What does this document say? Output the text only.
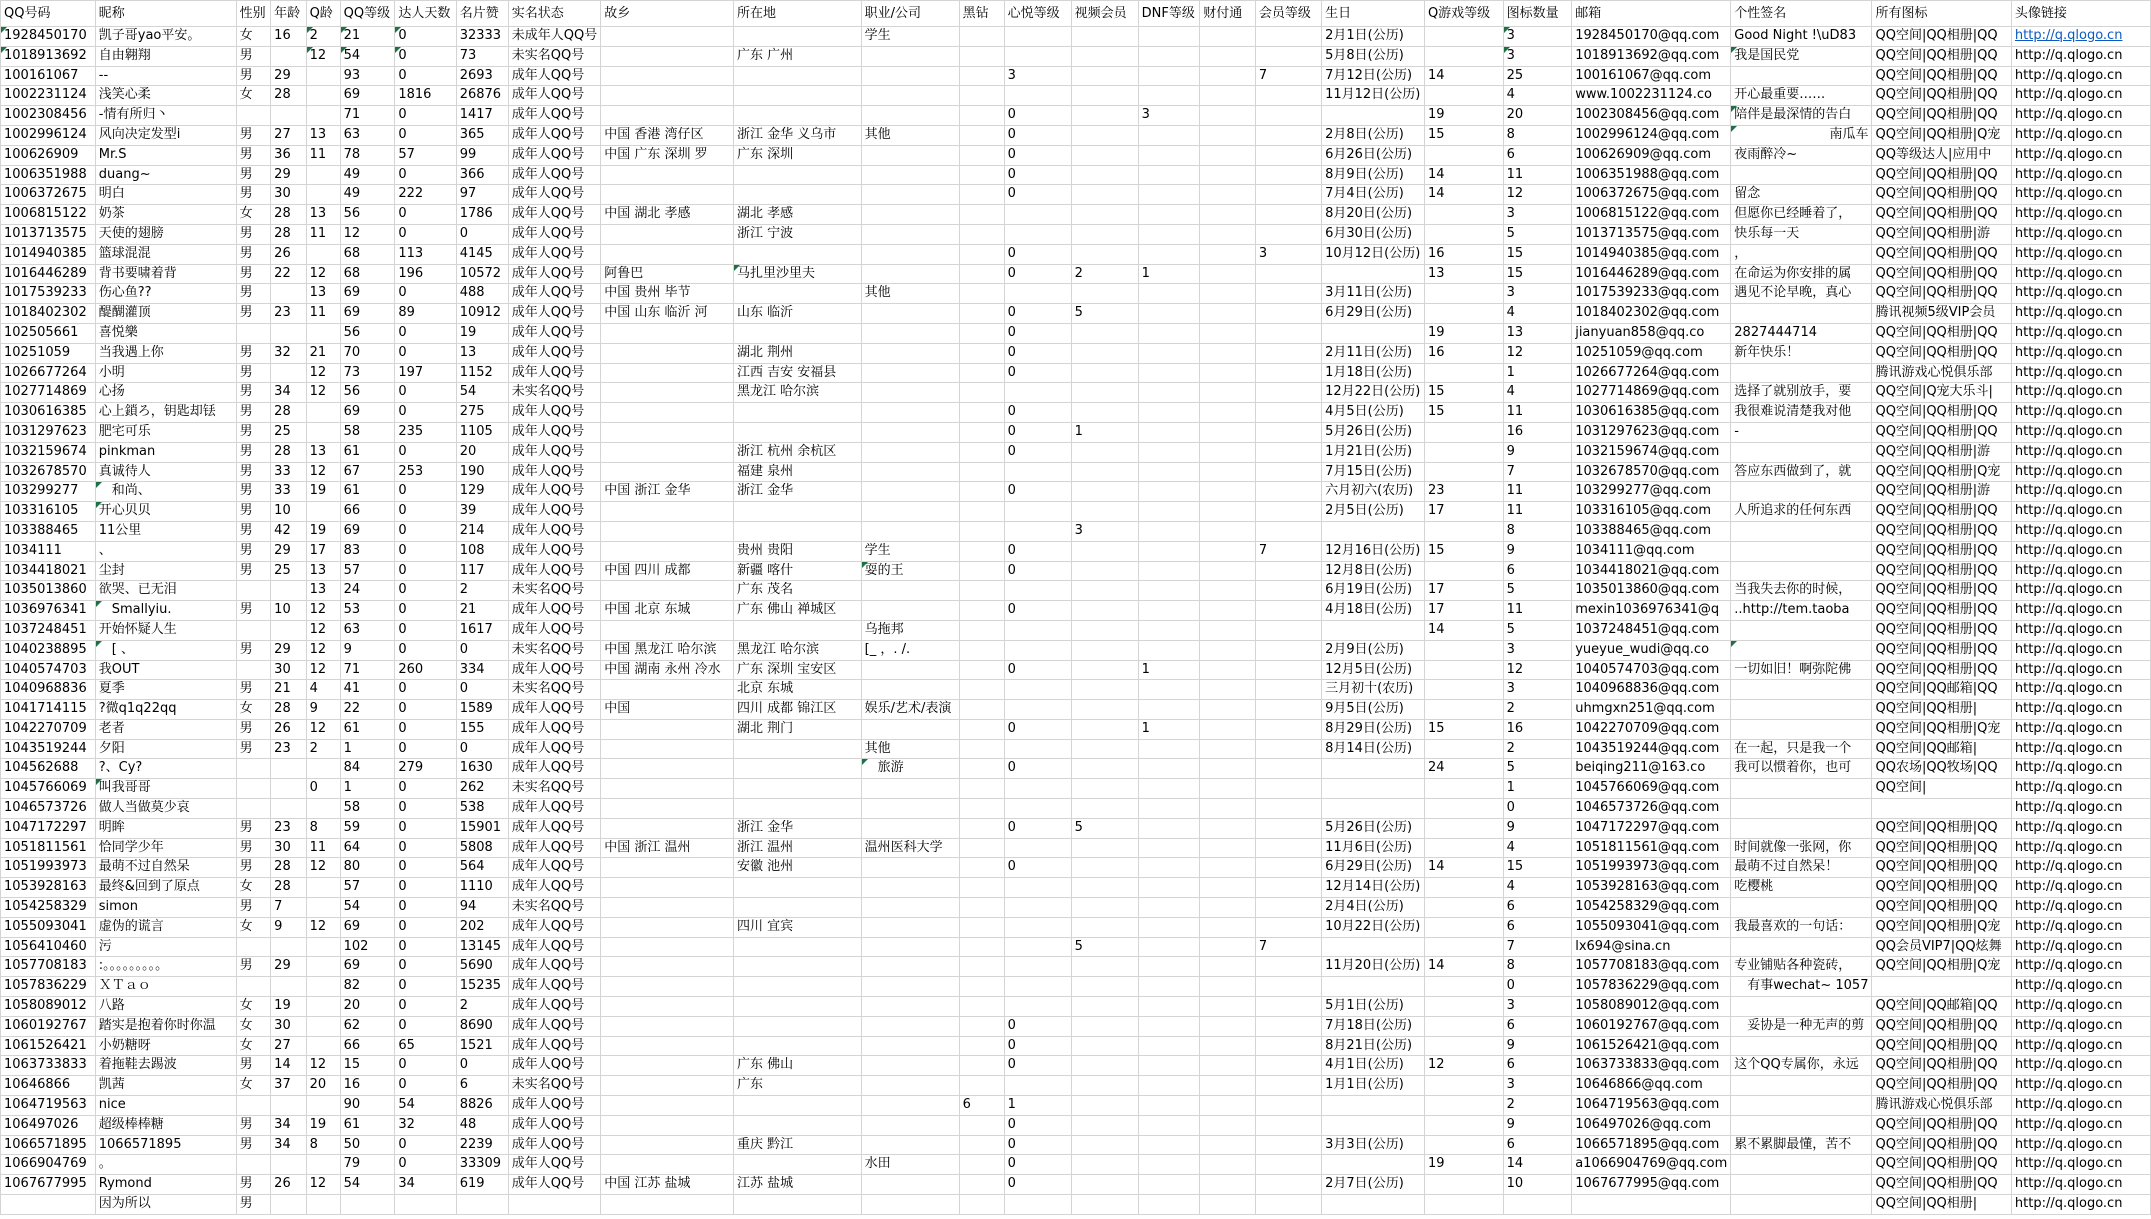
QQ号码	昵称	性别	年龄	Q龄	QQ等级	达人天数	名片赞	实名状态	故乡	所在地	职业/公司	黑钻	心悦等级	视频会员	DNF等级	财付通	会员等级	生日	Q游戏等级	图标数量	邮箱	个性签名	所有图标	头像链接
1928450170	凯子哥yao平安。	女	16	2	21	0	32333	未成年人QQ号			学生							2月1日(公历)		3	1928450170@qq.com	Good Night !\uD83	QQ空间|QQ相册|QQ	http://q.qlogo.cn
1018913692	自由翱翔	男		12	54	0	73	未实名QQ号		广东 广州								5月8日(公历)		3	1018913692@qq.com	我是国民党	QQ空间|QQ相册|QQ	http://q.qlogo.cn
100161067	--	男	29		93	0	2693	成年人QQ号					3				7	7月12日(公历)	14	25	100161067@qq.com		QQ空间|QQ相册|QQ	http://q.qlogo.cn
1002231124	浅笑心柔	女	28		69	1816	26876	成年人QQ号										11月12日(公历)		4	www.1002231124.co	开心最重要……	QQ空间|QQ相册|QQ	http://q.qlogo.cn
1002308456	-情有所归丶				71	0	1417	成年人QQ号					0		3				19	20	1002308456@qq.com	陪伴是最深情的告白	QQ空间|QQ相册|QQ	http://q.qlogo.cn
1002996124	风向决定发型i	男	27	13	63	0	365	成年人QQ号	中国 香港 湾仔区	浙江 金华 义乌市	其他		0					2月8日(公历)	15	8	1002996124@qq.com	南瓜车	QQ空间|QQ相册|Q宠	http://q.qlogo.cn
100626909	Mr.S	男	36	11	78	57	99	成年人QQ号	中国 广东 深圳 罗	广东 深圳			0					6月26日(公历)		6	100626909@qq.com	夜雨醉冷~	QQ等级达人|应用中	http://q.qlogo.cn
1006351988	duang~	男	29		49	0	366	成年人QQ号					0					8月9日(公历)	14	11	1006351988@qq.com		QQ空间|QQ相册|QQ	http://q.qlogo.cn
1006372675	明白	男	30		49	222	97	成年人QQ号					0					7月4日(公历)	14	12	1006372675@qq.com	留念	QQ空间|QQ相册|QQ	http://q.qlogo.cn
1006815122	奶茶	女	28	13	56	0	1786	成年人QQ号	中国 湖北 孝感	湖北 孝感								8月20日(公历)		3	1006815122@qq.com	但愿你已经睡着了，	QQ空间|QQ相册|QQ	http://q.qlogo.cn
1013713575	天使的翅膀	男	28	11	12	0	0	成年人QQ号		浙江 宁波								6月30日(公历)		5	1013713575@qq.com	快乐每一天	QQ空间|QQ相册|游	http://q.qlogo.cn
1014940385	篮球混混	男	26		68	113	4145	成年人QQ号					0				3	10月12日(公历)	16	15	1014940385@qq.com	，	QQ空间|QQ相册|QQ	http://q.qlogo.cn
1016446289	背书要啸着背	男	22	12	68	196	10572	成年人QQ号	阿鲁巴	马扎里沙里夫			0	2	1				13	15	1016446289@qq.com	在命运为你安排的属	QQ空间|QQ相册|QQ	http://q.qlogo.cn
1017539233	伤心鱼??	男		13	69	0	488	成年人QQ号	中国 贵州 毕节		其他							3月11日(公历)		3	1017539233@qq.com	遇见不论早晚，真心	QQ空间|QQ相册|QQ	http://q.qlogo.cn
1018402302	醍醐灌顶	男	23	11	69	89	10912	成年人QQ号	中国 山东 临沂 河	山东 临沂			0	5				6月29日(公历)		4	1018402302@qq.com		腾讯视频5级VIP会员	http://q.qlogo.cn
102505661	喜悦樂				56	0	19	成年人QQ号					0						19	13	jianyuan858@qq.co	2827444714	QQ空间|QQ相册|QQ	http://q.qlogo.cn
10251059	当我遇上你	男	32	21	70	0	13	成年人QQ号		湖北 荆州			0					2月11日(公历)	16	12	10251059@qq.com	新年快乐！	QQ空间|QQ相册|QQ	http://q.qlogo.cn
1026677264	小明	男		12	73	197	1152	成年人QQ号		江西 吉安 安福县			0					1月18日(公历)		1	1026677264@qq.com		腾讯游戏心悦俱乐部	http://q.qlogo.cn
1027714869	心扬	男	34	12	56	0	54	未实名QQ号		黑龙江 哈尔滨								12月22日(公历)	15	4	1027714869@qq.com	选择了就别放手，要	QQ空间|Q宠大乐斗|	http://q.qlogo.cn
1030616385	心上鎖ろ，钥匙却铥	男	28		69	0	275	成年人QQ号					0					4月5日(公历)	15	11	1030616385@qq.com	我很难说清楚我对他	QQ空间|QQ相册|QQ	http://q.qlogo.cn
1031297623	肥宅可乐	男	25		58	235	1105	成年人QQ号					0	1				5月26日(公历)		16	1031297623@qq.com	-	QQ空间|QQ相册|QQ	http://q.qlogo.cn
1032159674	pinkman	男	28	13	61	0	20	成年人QQ号		浙江 杭州 余杭区			0					1月21日(公历)		9	1032159674@qq.com		QQ空间|QQ相册|游	http://q.qlogo.cn
1032678570	真诚待人	男	33	12	67	253	190	成年人QQ号		福建 泉州								7月15日(公历)		7	1032678570@qq.com	答应东西做到了，就	QQ空间|QQ相册|Q宠	http://q.qlogo.cn
103299277	　和尚、	男	33	19	61	0	129	成年人QQ号	中国 浙江 金华	浙江 金华			0					六月初六(农历)	23	11	103299277@qq.com		QQ空间|QQ相册|游	http://q.qlogo.cn
103316105	开心贝贝	男	10		66	0	39	成年人QQ号										2月5日(公历)	17	11	103316105@qq.com	人所追求的任何东西	QQ空间|QQ相册|QQ	http://q.qlogo.cn
103388465	11公里	男	42	19	69	0	214	成年人QQ号						3						8	103388465@qq.com		QQ空间|QQ相册|QQ	http://q.qlogo.cn
1034111	、	男	29	17	83	0	108	成年人QQ号		贵州 贵阳	学生		0				7	12月16日(公历)	15	9	1034111@qq.com		QQ空间|QQ相册|QQ	http://q.qlogo.cn
1034418021	尘封	男	25	13	57	0	117	成年人QQ号	中国 四川 成都	新疆 喀什	耍的王		0					12月8日(公历)		6	1034418021@qq.com		QQ空间|QQ相册|QQ	http://q.qlogo.cn
1035013860	欲哭、已无泪			13	24	0	2	未实名QQ号		广东 茂名								6月19日(公历)	17	5	1035013860@qq.com	当我失去你的时候，	QQ空间|QQ相册|QQ	http://q.qlogo.cn
1036976341	　Smallyiu.	男	10	12	53	0	21	成年人QQ号	中国 北京 东城	广东 佛山 禅城区			0					4月18日(公历)	17	11	mexin1036976341@q	..http://tem.taoba	QQ空间|QQ相册|QQ	http://q.qlogo.cn
1037248451	开始怀疑人生			12	63	0	1617	成年人QQ号			乌拖邦								14	5	1037248451@qq.com		QQ空间|QQ相册|QQ	http://q.qlogo.cn
1040238895	　[ 、	男	29	12	9	0	0	未实名QQ号	中国 黑龙江 哈尔滨	黑龙江 哈尔滨	[_ ，. /.							2月9日(公历)		3	yueyue_wudi@qq.co		QQ空间|QQ相册|QQ	http://q.qlogo.cn
1040574703	我OUT		30	12	71	260	334	成年人QQ号	中国 湖南 永州 冷水	广东 深圳 宝安区			0		1			12月5日(公历)		12	1040574703@qq.com	一切如旧！啊弥陀佛	QQ空间|QQ相册|QQ	http://q.qlogo.cn
1040968836	夏季	男	21	4	41	0	0	未实名QQ号		北京 东城								三月初十(农历)		3	1040968836@qq.com		QQ空间|QQ邮箱|QQ	http://q.qlogo.cn
1041714115	?微q1q22qq	女	28	9	22	0	1589	成年人QQ号	中国	四川 成都 锦江区	娱乐/艺术/表演							9月5日(公历)		2	uhmgxn251@qq.com		QQ空间|QQ相册|	http://q.qlogo.cn
1042270709	老者	男	26	12	61	0	155	成年人QQ号		湖北 荆门			0		1			8月29日(公历)	15	16	1042270709@qq.com		QQ空间|QQ相册|Q宠	http://q.qlogo.cn
1043519244	夕阳	男	23	2	1	0	0	成年人QQ号			其他							8月14日(公历)		2	1043519244@qq.com	在一起，只是我一个	QQ空间|QQ邮箱|	http://q.qlogo.cn
104562688	?、Cy?				84	279	1630	成年人QQ号			　旅游		0						24	5	beiqing211@163.co	我可以惯着你，也可	QQ农场|QQ牧场|QQ	http://q.qlogo.cn
1045766069	叫我哥哥			0	1	0	262	未实名QQ号												1	1045766069@qq.com		QQ空间|	http://q.qlogo.cn
1046573726	做人当做莫少哀				58	0	538	成年人QQ号												0	1046573726@qq.com			http://q.qlogo.cn
1047172297	明眸	男	23	8	59	0	15901	成年人QQ号		浙江 金华			0	5				5月26日(公历)		9	1047172297@qq.com		QQ空间|QQ相册|QQ	http://q.qlogo.cn
1051811561	恰同学少年	男	30	11	64	0	5808	成年人QQ号	中国 浙江 温州	浙江 温州	温州医科大学							11月6日(公历)		4	1051811561@qq.com	时间就像一张网，你	QQ空间|QQ相册|QQ	http://q.qlogo.cn
1051993973	最萌不过自然呆	男	28	12	80	0	564	成年人QQ号		安徽 池州			0					6月29日(公历)	14	15	1051993973@qq.com	最萌不过自然呆！	QQ空间|QQ相册|QQ	http://q.qlogo.cn
1053928163	最终&回到了原点	女	28		57	0	1110	成年人QQ号										12月14日(公历)		4	1053928163@qq.com	吃樱桃	QQ空间|QQ相册|QQ	http://q.qlogo.cn
1054258329	simon	男	7		54	0	94	未实名QQ号										2月4日(公历)		6	1054258329@qq.com		QQ空间|QQ相册|QQ	http://q.qlogo.cn
1055093041	虚伪的谎言	女	9	12	69	0	202	成年人QQ号		四川 宜宾								10月22日(公历)		6	1055093041@qq.com	我最喜欢的一句话：	QQ空间|QQ相册|Q宠	http://q.qlogo.cn
1056410460	污				102	0	13145	成年人QQ号						5			7			7	lx694@sina.cn		QQ会员VIP7|QQ炫舞	http://q.qlogo.cn
1057708183	:。。。。。。。。。	男	29		69	0	5690	成年人QQ号										11月20日(公历)	14	8	1057708183@qq.com	专业铺贴各种瓷砖，	QQ空间|QQ相册|Q宠	http://q.qlogo.cn
1057836229	ＸＴａｏ				82	0	15235	成年人QQ号												0	1057836229@qq.com	　有事wechat~ 1057		http://q.qlogo.cn
1058089012	八路	女	19		20	0	2	成年人QQ号										5月1日(公历)		3	1058089012@qq.com		QQ空间|QQ邮箱|QQ	http://q.qlogo.cn
1060192767	踏实是抱着你时你温	女	30		62	0	8690	成年人QQ号					0					7月18日(公历)		6	1060192767@qq.com	　妥协是一种无声的剪	QQ空间|QQ相册|QQ	http://q.qlogo.cn
1061526421	小奶糖呀	女	27		66	65	1521	成年人QQ号					0					8月21日(公历)		9	1061526421@qq.com		QQ空间|QQ相册|QQ	http://q.qlogo.cn
1063733833	着拖鞋去踢波	男	14	12	15	0	0	成年人QQ号		广东 佛山			0					4月1日(公历)	12	6	1063733833@qq.com	这个QQ专属你，永远	QQ空间|QQ相册|QQ	http://q.qlogo.cn
10646866	凯茜	女	37	20	16	0	6	未实名QQ号		广东								1月1日(公历)		3	10646866@qq.com		QQ空间|QQ相册|QQ	http://q.qlogo.cn
1064719563	nice				90	54	8826	成年人QQ号				6	1							2	1064719563@qq.com		腾讯游戏心悦俱乐部	http://q.qlogo.cn
106497026	超级棒棒糖	男	34	19	61	32	48	成年人QQ号					0							9	106497026@qq.com		QQ空间|QQ相册|QQ	http://q.qlogo.cn
1066571895	1066571895	男	34	8	50	0	2239	成年人QQ号		重庆 黔江			0					3月3日(公历)		6	1066571895@qq.com	累不累脚最懂，苦不	QQ空间|QQ相册|QQ	http://q.qlogo.cn
1066904769	。				79	0	33309	成年人QQ号			水田		0						19	14	a1066904769@qq.com		QQ空间|QQ相册|QQ	http://q.qlogo.cn
1067677995	Rymond	男	26	12	54	34	619	成年人QQ号	中国 江苏 盐城	江苏 盐城			0					2月7日(公历)		10	1067677995@qq.com		QQ空间|QQ相册|QQ	http://q.qlogo.cn
	因为所以	男																					QQ空间|QQ相册|	http://q.qlogo.cn
